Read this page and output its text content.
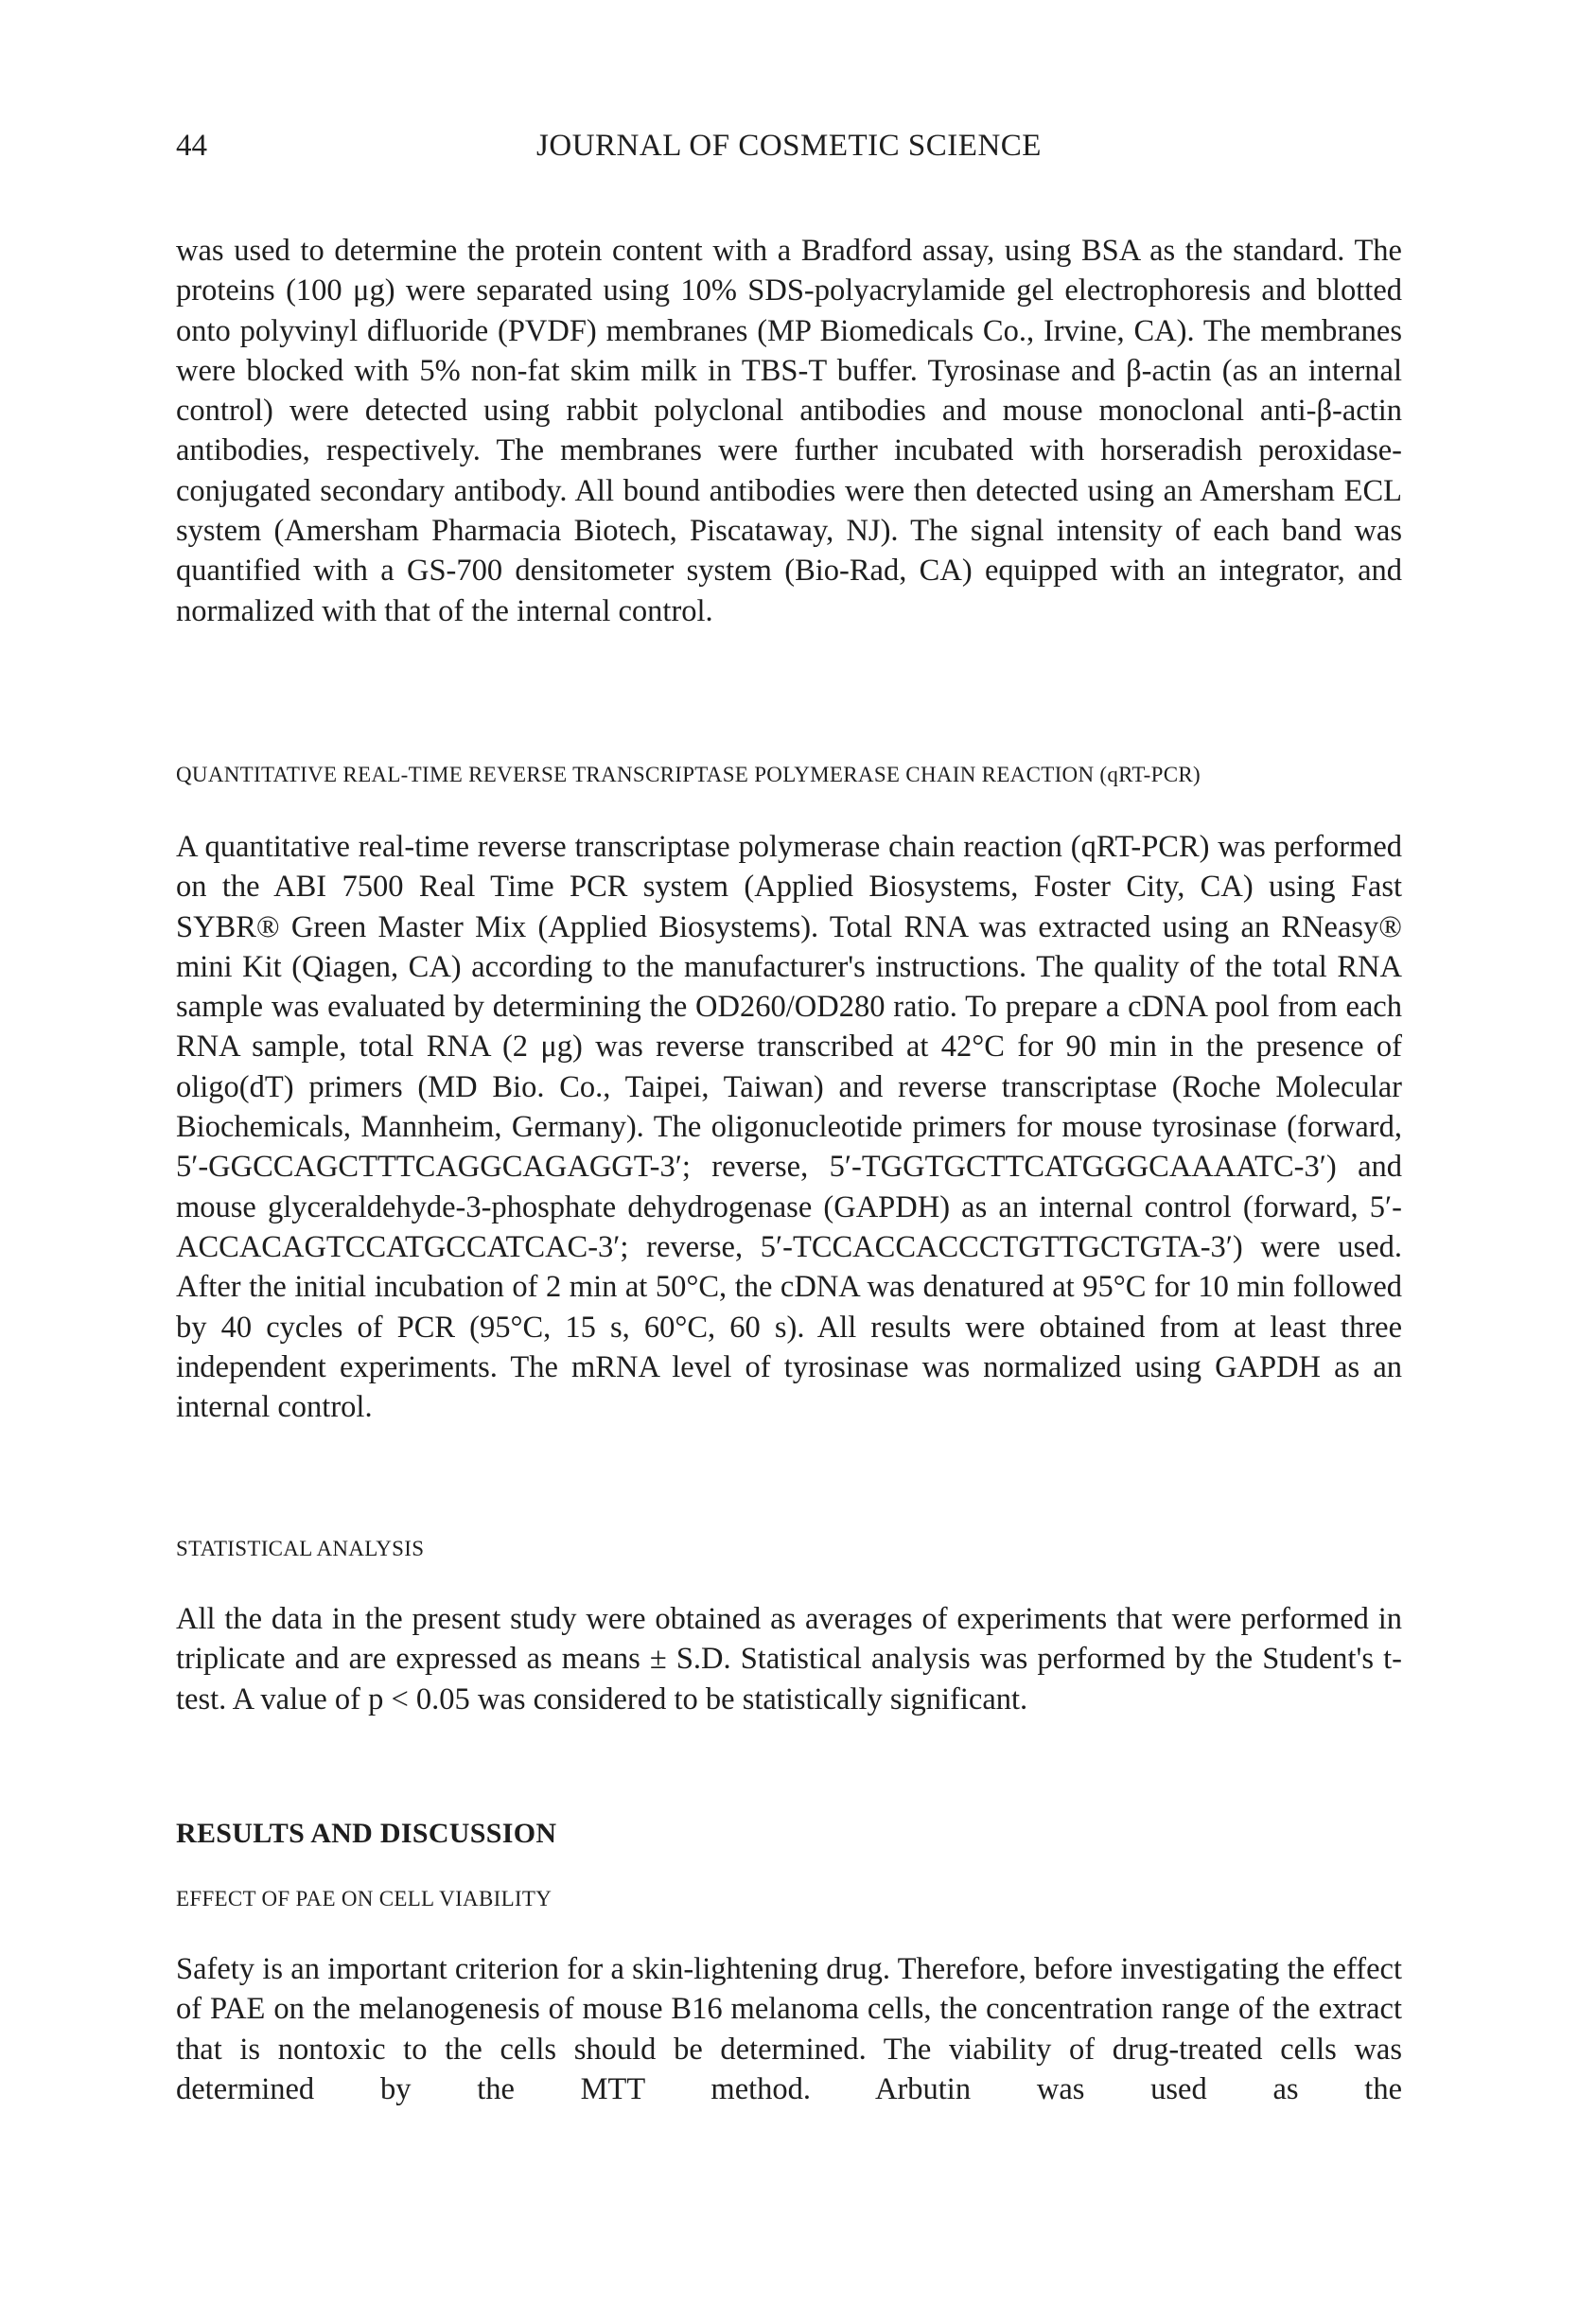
44	JOURNAL OF COSMETIC SCIENCE

was used to determine the protein content with a Bradford assay, using BSA as the standard. The proteins (100 μg) were separated using 10% SDS-polyacrylamide gel electrophoresis and blotted onto polyvinyl difluoride (PVDF) membranes (MP Biomedicals Co., Irvine, CA). The membranes were blocked with 5% non-fat skim milk in TBS-T buffer. Tyrosinase and β-actin (as an internal control) were detected using rabbit polyclonal antibodies and mouse monoclonal anti-β-actin antibodies, respectively. The membranes were further incubated with horseradish peroxidase-conjugated secondary antibody. All bound antibodies were then detected using an Amersham ECL system (Amersham Pharmacia Biotech, Piscataway, NJ). The signal intensity of each band was quantified with a GS-700 densitometer system (Bio-Rad, CA) equipped with an integrator, and normalized with that of the internal control.

QUANTITATIVE REAL-TIME REVERSE TRANSCRIPTASE POLYMERASE CHAIN REACTION (qRT-PCR)

A quantitative real-time reverse transcriptase polymerase chain reaction (qRT-PCR) was performed on the ABI 7500 Real Time PCR system (Applied Biosystems, Foster City, CA) using Fast SYBR® Green Master Mix (Applied Biosystems). Total RNA was extracted using an RNeasy® mini Kit (Qiagen, CA) according to the manufacturer's instructions. The quality of the total RNA sample was evaluated by determining the OD260/OD280 ratio. To prepare a cDNA pool from each RNA sample, total RNA (2 μg) was reverse transcribed at 42°C for 90 min in the presence of oligo(dT) primers (MD Bio. Co., Taipei, Taiwan) and reverse transcriptase (Roche Molecular Biochemicals, Mannheim, Germany). The oligonucleotide primers for mouse tyrosinase (forward, 5′-GGCCAGCTTTCAGGCAGAGGT-3′; reverse, 5′-TGGTGCTTCATGGGCAAAATC-3′) and mouse glyceraldehyde-3-phosphate dehydrogenase (GAPDH) as an internal control (forward, 5′-ACCACAGTCCATGCCATCAC-3′; reverse, 5′-TCCACCACCCTGTTGCTGTA-3′) were used. After the initial incubation of 2 min at 50°C, the cDNA was denatured at 95°C for 10 min followed by 40 cycles of PCR (95°C, 15 s, 60°C, 60 s). All results were obtained from at least three independent experiments. The mRNA level of tyrosinase was normalized using GAPDH as an internal control.

STATISTICAL ANALYSIS

All the data in the present study were obtained as averages of experiments that were performed in triplicate and are expressed as means ± S.D. Statistical analysis was performed by the Student's t-test. A value of p < 0.05 was considered to be statistically significant.

RESULTS AND DISCUSSION

EFFECT OF PAE ON CELL VIABILITY

Safety is an important criterion for a skin-lightening drug. Therefore, before investigating the effect of PAE on the melanogenesis of mouse B16 melanoma cells, the concentration range of the extract that is nontoxic to the cells should be determined. The viability of drug-treated cells was determined by the MTT method. Arbutin was used as the
